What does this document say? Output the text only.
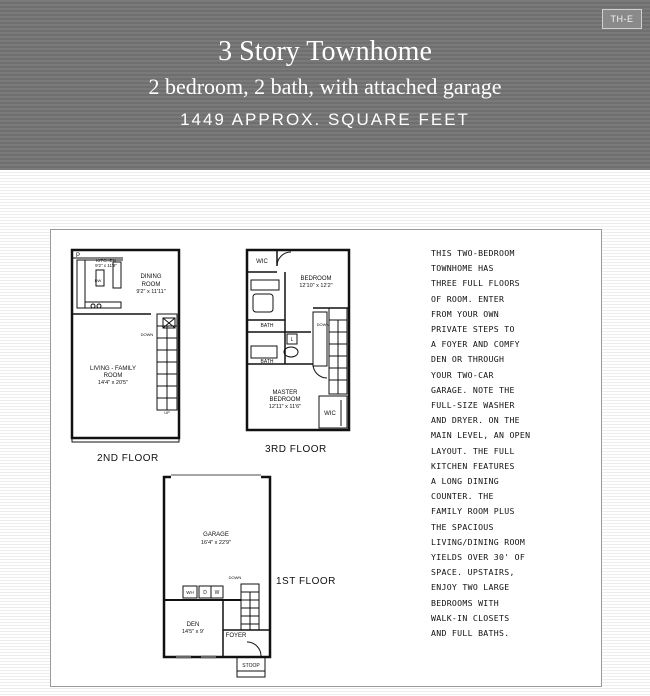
TH-E
3 Story Townhome
2 bedroom, 2 bath, with attached garage
1449 APPROX. SQUARE FEET
P
KITCHEN
9'2" x 11'9"
DINING
ROOM
9'2" x 11'11"
LIVING - FAMILY
ROOM
14'4" x 20'5"
DOWN
UP
DW
WIC
BEDROOM
12'10" x 12'2"
BATH
BATH
L
DOWN
MASTER
BEDROOM
12'11" x 11'6"
WIC
GARAGE
16'4" x 22'9"
WH D W
DOWN
DEN
14'5" x 9'
FOYER
STOOP
2ND FLOOR
3RD FLOOR
1ST FLOOR
THIS TWO-BEDROOM
TOWNHOME HAS
THREE FULL FLOORS
OF ROOM. ENTER
FROM YOUR OWN
PRIVATE STEPS TO
A FOYER AND COMFY
DEN OR THROUGH
YOUR TWO-CAR
GARAGE. NOTE THE
FULL-SIZE WASHER
AND DRYER. ON THE
MAIN LEVEL, AN OPEN
LAYOUT. THE FULL
KITCHEN FEATURES
A LONG DINING
COUNTER. THE
FAMILY ROOM PLUS
THE SPACIOUS
LIVING/DINING ROOM
YIELDS OVER 30' OF
SPACE. UPSTAIRS,
ENJOY TWO LARGE
BEDROOMS WITH
WALK-IN CLOSETS
AND FULL BATHS.
